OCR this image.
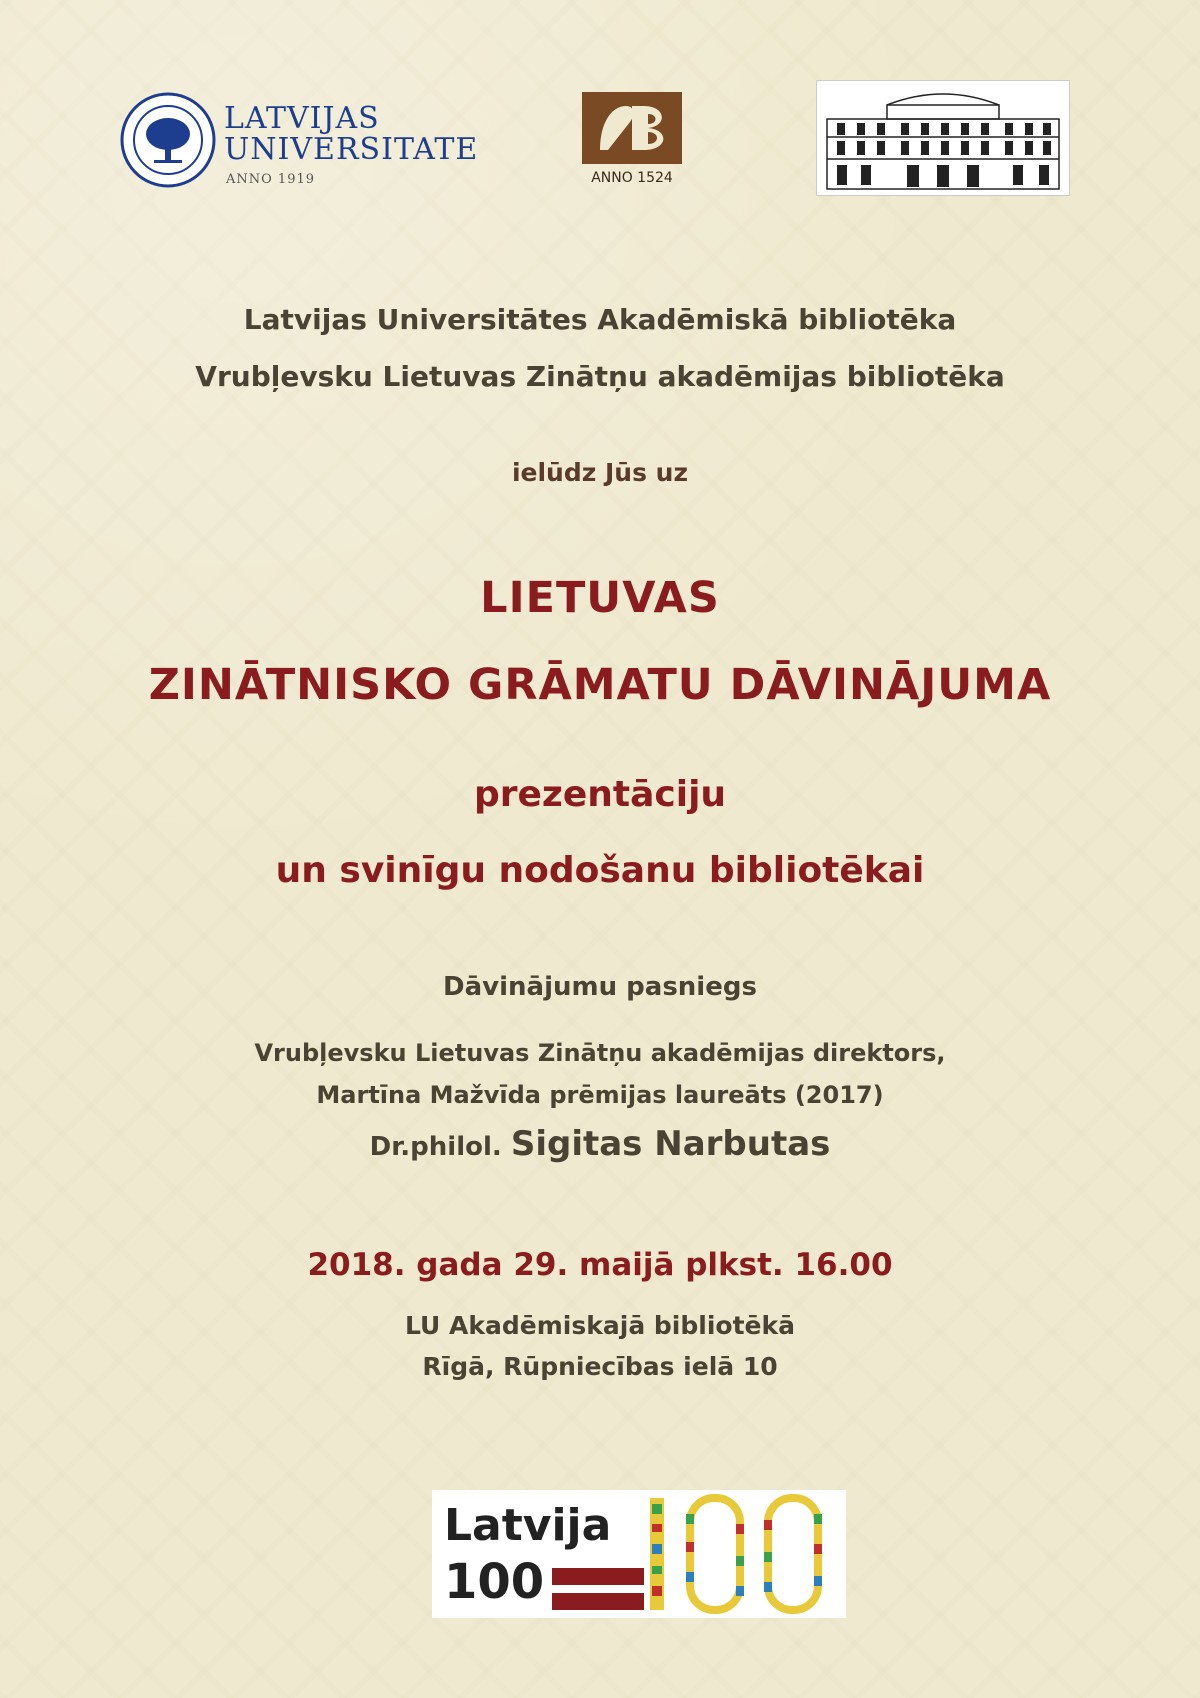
LATVIJAS
UNIVERSITATE
ANNO 1919	ANNO 1524
Latvijas Universitātes Akadēmiskā bibliotēka
Vrubļevsku Lietuvas Zinātņu akadēmijas bibliotēka
ielūdz Jūs uz
LIETUVAS
ZINĀTNISKO GRĀMATU DĀVINĀJUMA
prezentāciju
un svinīgu nodošanu bibliotēkai
Dāvinājumu pasniegs
Vrubļevsku Lietuvas Zinātņu akadēmijas direktors,
Martīna Mažvīda prēmijas laureāts (2017)
Dr.philol. Sigitas Narbutas
2018. gada 29. maijā plkst. 16.00
LU Akadēmiskajā bibliotēkā
Rīgā, Rūpniecības ielā 10
Latvija
100
